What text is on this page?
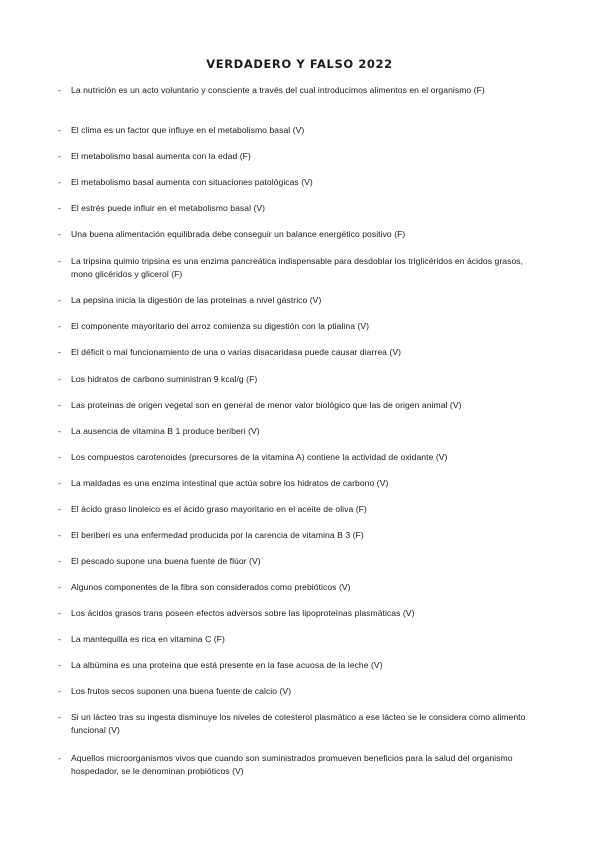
VERDADERO Y FALSO 2022
- La nutrición es un acto voluntario y consciente a través del cual introducimos alimentos en el organismo (F)
- El clima es un factor que influye en el metabolismo basal (V)
- El metabolismo basal aumenta con la edad (F)
- El metabolismo basal aumenta con situaciones patológicas (V)
- El estrés puede influir en el metabolismo basal (V)
- Una buena alimentación equilibrada debe conseguir un balance energético positivo (F)
- La tripsina quimio tripsina es una enzima pancreática indispensable para desdoblar los triglicéridos en ácidos grasos, mono glicéridos y glicerol (F)
- La pepsina inicia la digestión de las proteínas a nivel gástrico (V)
- El componente mayoritario del arroz comienza su digestión con la ptialina (V)
- El déficit o mal funcionamiento de una o varias disacaridasa puede causar diarrea (V)
- Los hidratos de carbono suministran 9 kcal/g (F)
- Las proteínas de origen vegetal son en general de menor valor biológico que las de origen animal (V)
- La ausencia de vitamina B 1 produce beriberi (V)
- Los compuestos carotenoides (precursores de la vitamina A) contiene la actividad de oxidante (V)
- La maldadas es una enzima intestinal que actúa sobre los hidratos de carbono (V)
- El ácido graso linoleico es el ácido graso mayoritario en el aceite de oliva (F)
- El beriberi es una enfermedad producida por la carencia de vitamina B 3 (F)
- El pescado supone una buena fuente de flúor (V)
- Algunos componentes de la fibra son considerados como prebióticos (V)
- Los ácidos grasos trans poseen efectos adversos sobre las lipoproteínas plasmáticas (V)
- La mantequilla es rica en vitamina C (F)
- La albúmina es una proteína que está presente en la fase acuosa de la leche (V)
- Los frutos secos suponen una buena fuente de calcio (V)
- Si un lácteo tras su ingesta disminuye los niveles de colesterol plasmático a ese lácteo se le considera como alimento funcional (V)
- Aquellos microorganismos vivos que cuando son suministrados promueven beneficios para la salud del organismo hospedador, se le denominan probióticos (V)
